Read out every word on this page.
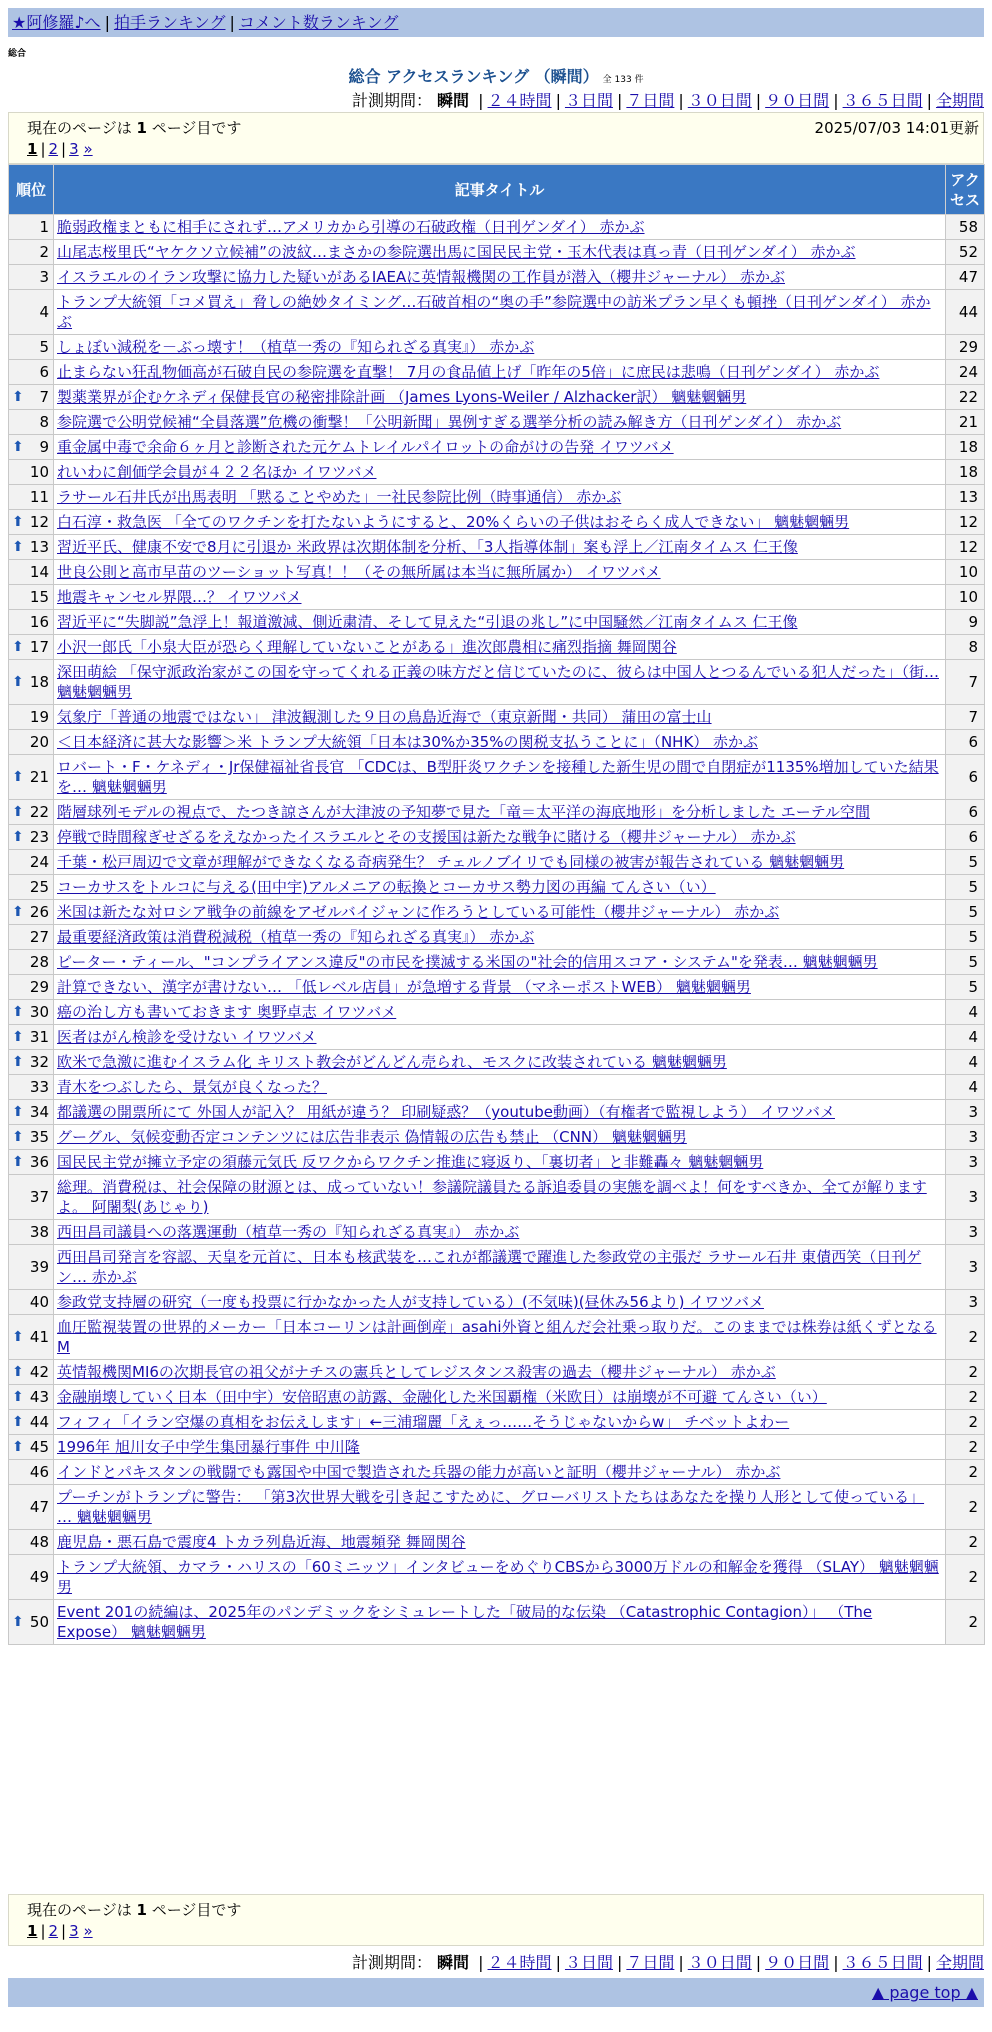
★阿修羅♪へ | 拍手ランキング | コメント数ランキング
総合
総合 アクセスランキング （瞬間） 全 133 件
計測期間： 瞬間 | ２４時間 | ３日間 | ７日間 | ３０日間 | ９０日間 | ３６５日間 | 全期間
現在のページは 1 ページ目です	2025/07/03 14:01更新
1 | 2 | 3 »
順位	記事タイトル	アクセス
1	脆弱政権まともに相手にされず…アメリカから引導の石破政権（日刊ゲンダイ） 赤かぶ	58
2	山尾志桜里氏“ヤケクソ立候補”の波紋…まさかの参院選出馬に国民民主党・玉木代表は真っ青（日刊ゲンダイ） 赤かぶ	52
3	イスラエルのイラン攻撃に協力した疑いがあるIAEAに英情報機関の工作員が潜入（櫻井ジャーナル） 赤かぶ	47
4	トランプ大統領「コメ買え」脅しの絶妙タイミング…石破首相の“奥の手”参院選中の訪米プラン早くも頓挫（日刊ゲンダイ） 赤かぶ	44
5	しょぼい減税を－ぶっ壊す！（植草一秀の『知られざる真実』） 赤かぶ	29
6	止まらない狂乱物価高が石破自民の参院選を直撃！ 7月の食品値上げ「昨年の5倍」に庶民は悲鳴（日刊ゲンダイ） 赤かぶ	24

⬆ 7	製薬業界が企むケネディ保健長官の秘密排除計画 （James Lyons-Weiler / Alzhacker訳） 魑魅魍魎男	22
8	参院選で公明党候補“全員落選”危機の衝撃！「公明新聞」異例すぎる選挙分析の読み解き方（日刊ゲンダイ） 赤かぶ	21

⬆ 9	重金属中毒で余命６ヶ月と診断された元ケムトレイルパイロットの命がけの告発 イワツバメ	18
10	れいわに創価学会員が４２２名ほか イワツバメ	18
11	ラサール石井氏が出馬表明 「黙ることやめた」一社民参院比例（時事通信） 赤かぶ	13

⬆ 12	白石淳・救急医 「全てのワクチンを打たないようにすると、20%くらいの子供はおそらく成人できない」 魑魅魍魎男	12

⬆ 13	習近平氏、健康不安で8月に引退か 米政界は次期体制を分析、「3人指導体制」案も浮上／江南タイムス 仁王像	12
14	世良公則と高市早苗のツーショット写真！！（その無所属は本当に無所属か） イワツバメ	10
15	地震キャンセル界隈…？ イワツバメ	10
16	習近平に“失脚説”急浮上！報道激減、側近粛清、そして見えた“引退の兆し”に中国騒然／江南タイムス 仁王像	9

⬆ 17	小沢一郎氏「小泉大臣が恐らく理解していないことがある」進次郎農相に痛烈指摘 舞岡関谷	8

⬆ 18	深田萌絵 「保守派政治家がこの国を守ってくれる正義の味方だと信じていたのに、彼らは中国人とつるんでいる犯人だった」（街… 魑魅魍魎男	7
19	気象庁「普通の地震ではない」 津波観測した９日の鳥島近海で（東京新聞・共同） 蒲田の富士山	7
20	＜日本経済に甚大な影響＞米 トランプ大統領「日本は30%か35%の関税支払うことに」（NHK） 赤かぶ	6

⬆ 21	ロバート・F・ケネディ・Jr保健福祉省長官 「CDCは、B型肝炎ワクチンを接種した新生児の間で自閉症が1135%増加していた結果を… 魑魅魍魎男	6

⬆ 22	階層球列モデルの視点で、たつき諒さんが大津波の予知夢で見た「竜＝太平洋の海底地形」を分析しました エーテル空間	6

⬆ 23	停戦で時間稼ぎせざるをえなかったイスラエルとその支援国は新たな戦争に賭ける（櫻井ジャーナル） 赤かぶ	6
24	千葉・松戸周辺で文章が理解ができなくなる奇病発生？ チェルノブイリでも同様の被害が報告されている 魑魅魍魎男	5
25	コーカサスをトルコに与える(田中宇)アルメニアの転換とコーカサス勢力図の再編 てんさい（い）	5

⬆ 26	米国は新たな対ロシア戦争の前線をアゼルバイジャンに作ろうとしている可能性（櫻井ジャーナル） 赤かぶ	5
27	最重要経済政策は消費税減税（植草一秀の『知られざる真実』） 赤かぶ	5
28	ピーター・ティール、"コンプライアンス違反"の市民を撲滅する米国の"社会的信用スコア・システム"を発表… 魑魅魍魎男	5
29	計算できない、漢字が書けない… 「低レベル店員」が急増する背景 （マネーポストWEB） 魑魅魍魎男	5

⬆ 30	癌の治し方も書いておきます 奥野卓志 イワツバメ	4

⬆ 31	医者はがん検診を受けない イワツバメ	4

⬆ 32	欧米で急激に進むイスラム化 キリスト教会がどんどん売られ、モスクに改装されている 魑魅魍魎男	4
33	青木をつぶしたら、景気が良くなった？	4

⬆ 34	都議選の開票所にて 外国人が記入？ 用紙が違う？ 印刷疑惑？（youtube動画）（有権者で監視しよう） イワツバメ	3

⬆ 35	グーグル、気候変動否定コンテンツには広告非表示 偽情報の広告も禁止 （CNN） 魑魅魍魎男	3

⬆ 36	国民民主党が擁立予定の須藤元気氏 反ワクからワクチン推進に寝返り、「裏切者」と非難轟々 魑魅魍魎男	3
37	総理。消費税は、社会保障の財源とは、成っていない！参議院議員たる訴追委員の実態を調べよ！何をすべきか、全てが解りますよ。 阿闍梨(あじゃり)	3
38	西田昌司議員への落選運動（植草一秀の『知られざる真実』） 赤かぶ	3
39	西田昌司発言を容認、天皇を元首に、日本も核武装を…これが都議選で躍進した参政党の主張だ ラサール石井 東債西笑（日刊ゲン… 赤かぶ	3
40	参政党支持層の研究（一度も投票に行かなかった人が支持している）(不気味)(昼休み56より) イワツバメ	3

⬆ 41	血圧監視装置の世界的メーカー「日本コーリンは計画倒産」asahi外資と組んだ会社乗っ取りだ。このままでは株券は紙くずとなる M	2

⬆ 42	英情報機関MI6の次期長官の祖父がナチスの憲兵としてレジスタンス殺害の過去（櫻井ジャーナル） 赤かぶ	2

⬆ 43	金融崩壊していく日本（田中宇）安倍昭恵の訪露、金融化した米国覇権（米欧日）は崩壊が不可避 てんさい（い）	2

⬆ 44	フィフィ「イラン空爆の真相をお伝えします」←三浦瑠麗「えぇっ……そうじゃないからw」 チベットよわー	2

⬆ 45	1996年 旭川女子中学生集団暴行事件 中川隆	2
46	インドとパキスタンの戦闘でも露国や中国で製造された兵器の能力が高いと証明（櫻井ジャーナル） 赤かぶ	2
47	プーチンがトランプに警告： 「第3次世界大戦を引き起こすために、グローバリストたちはあなたを操り人形として使っている」 … 魑魅魍魎男	2
48	鹿児島・悪石島で震度4 トカラ列島近海、地震頻発 舞岡関谷	2
49	トランプ大統領、カマラ・ハリスの「60ミニッツ」インタビューをめぐりCBSから3000万ドルの和解金を獲得 （SLAY） 魑魅魍魎男	2

⬆ 50	Event 201の続編は、2025年のパンデミックをシミュレートした「破局的な伝染 （Catastrophic Contagion）」 （The Expose） 魑魅魍魎男	2
現在のページは 1 ページ目です
1 | 2 | 3 »
計測期間： 瞬間 | ２４時間 | ３日間 | ７日間 | ３０日間 | ９０日間 | ３６５日間 | 全期間
▲ page top ▲
